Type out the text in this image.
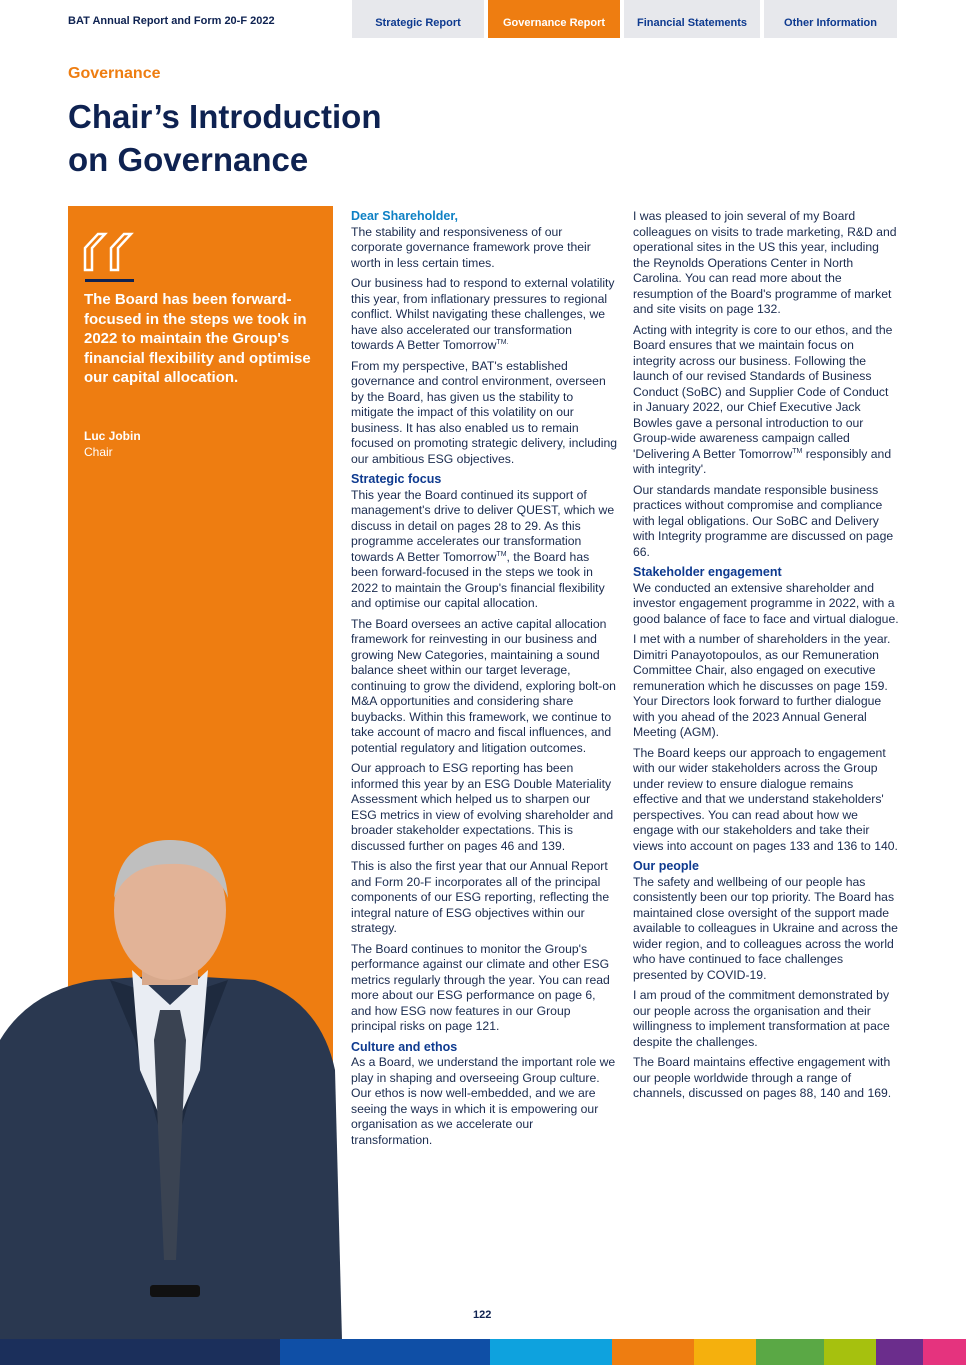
BAT Annual Report and Form 20-F 2022	Strategic Report	Governance Report	Financial Statements	Other Information
Governance
Chair’s Introduction
on Governance
The Board has been forward-focused in the steps we took in 2022 to maintain the Group's financial flexibility and optimise our capital allocation.
Luc Jobin
Chair
Dear Shareholder,

The stability and responsiveness of our corporate governance framework prove their worth in less certain times.

Our business had to respond to external volatility this year, from inflationary pressures to regional conflict. Whilst navigating these challenges, we have also accelerated our transformation towards A Better Tomorrow$^{TM.}$

From my perspective, BAT's established governance and control environment, overseen by the Board, has given us the stability to mitigate the impact of this volatility on our business. It has also enabled us to remain focused on promoting strategic delivery, including our ambitious ESG objectives.

Strategic focus

This year the Board continued its support of management's drive to deliver QUEST, which we discuss in detail on pages 28 to 29. As this programme accelerates our transformation towards A Better Tomorrow™, the Board has been forward-focused in the steps we took in 2022 to maintain the Group's financial flexibility and optimise our capital allocation.

The Board oversees an active capital allocation framework for reinvesting in our business and growing New Categories, maintaining a sound balance sheet within our target leverage, continuing to grow the dividend, exploring bolt-on M&A opportunities and considering share buybacks. Within this framework, we continue to take account of macro and fiscal influences, and potential regulatory and litigation outcomes.

Our approach to ESG reporting has been informed this year by an ESG Double Materiality Assessment which helped us to sharpen our ESG metrics in view of evolving shareholder and broader stakeholder expectations. This is discussed further on pages 46 and 139.

This is also the first year that our Annual Report and Form 20-F incorporates all of the principal components of our ESG reporting, reflecting the integral nature of ESG objectives within our strategy.

The Board continues to monitor the Group's performance against our climate and other ESG metrics regularly through the year. You can read more about our ESG performance on page 6, and how ESG now features in our Group principal risks on page 121.

Culture and ethos

As a Board, we understand the important role we play in shaping and overseeing Group culture. Our ethos is now well-embedded, and we are seeing the ways in which it is empowering our organisation as we accelerate our transformation.

I was pleased to join several of my Board colleagues on visits to trade marketing, R&D and operational sites in the US this year, including the Reynolds Operations Center in North Carolina. You can read more about the resumption of the Board's programme of market and site visits on page 132.

Acting with integrity is core to our ethos, and the Board ensures that we maintain focus on integrity across our business. Following the launch of our revised Standards of Business Conduct (SoBC) and Supplier Code of Conduct in January 2022, our Chief Executive Jack Bowles gave a personal introduction to our Group-wide awareness campaign called 'Delivering A Better Tomorrow™ responsibly and with integrity'.

Our standards mandate responsible business practices without compromise and compliance with legal obligations. Our SoBC and Delivery with Integrity programme are discussed on page 66.

Stakeholder engagement

We conducted an extensive shareholder and investor engagement programme in 2022, with a good balance of face to face and virtual dialogue.

I met with a number of shareholders in the year. Dimitri Panayotopoulos, as our Remuneration Committee Chair, also engaged on executive remuneration which he discusses on page 159. Your Directors look forward to further dialogue with you ahead of the 2023 Annual General Meeting (AGM).

The Board keeps our approach to engagement with our wider stakeholders across the Group under review to ensure dialogue remains effective and that we understand stakeholders' perspectives. You can read about how we engage with our stakeholders and take their views into account on pages 133 and 136 to 140.

Our people

The safety and wellbeing of our people has consistently been our top priority. The Board has maintained close oversight of the support made available to colleagues in Ukraine and across the wider region, and to colleagues across the world who have continued to face challenges presented by COVID-19.

I am proud of the commitment demonstrated by our people across the organisation and their willingness to implement transformation at pace despite the challenges.

The Board maintains effective engagement with our people worldwide through a range of channels, discussed on pages 88, 140 and 169.

122
